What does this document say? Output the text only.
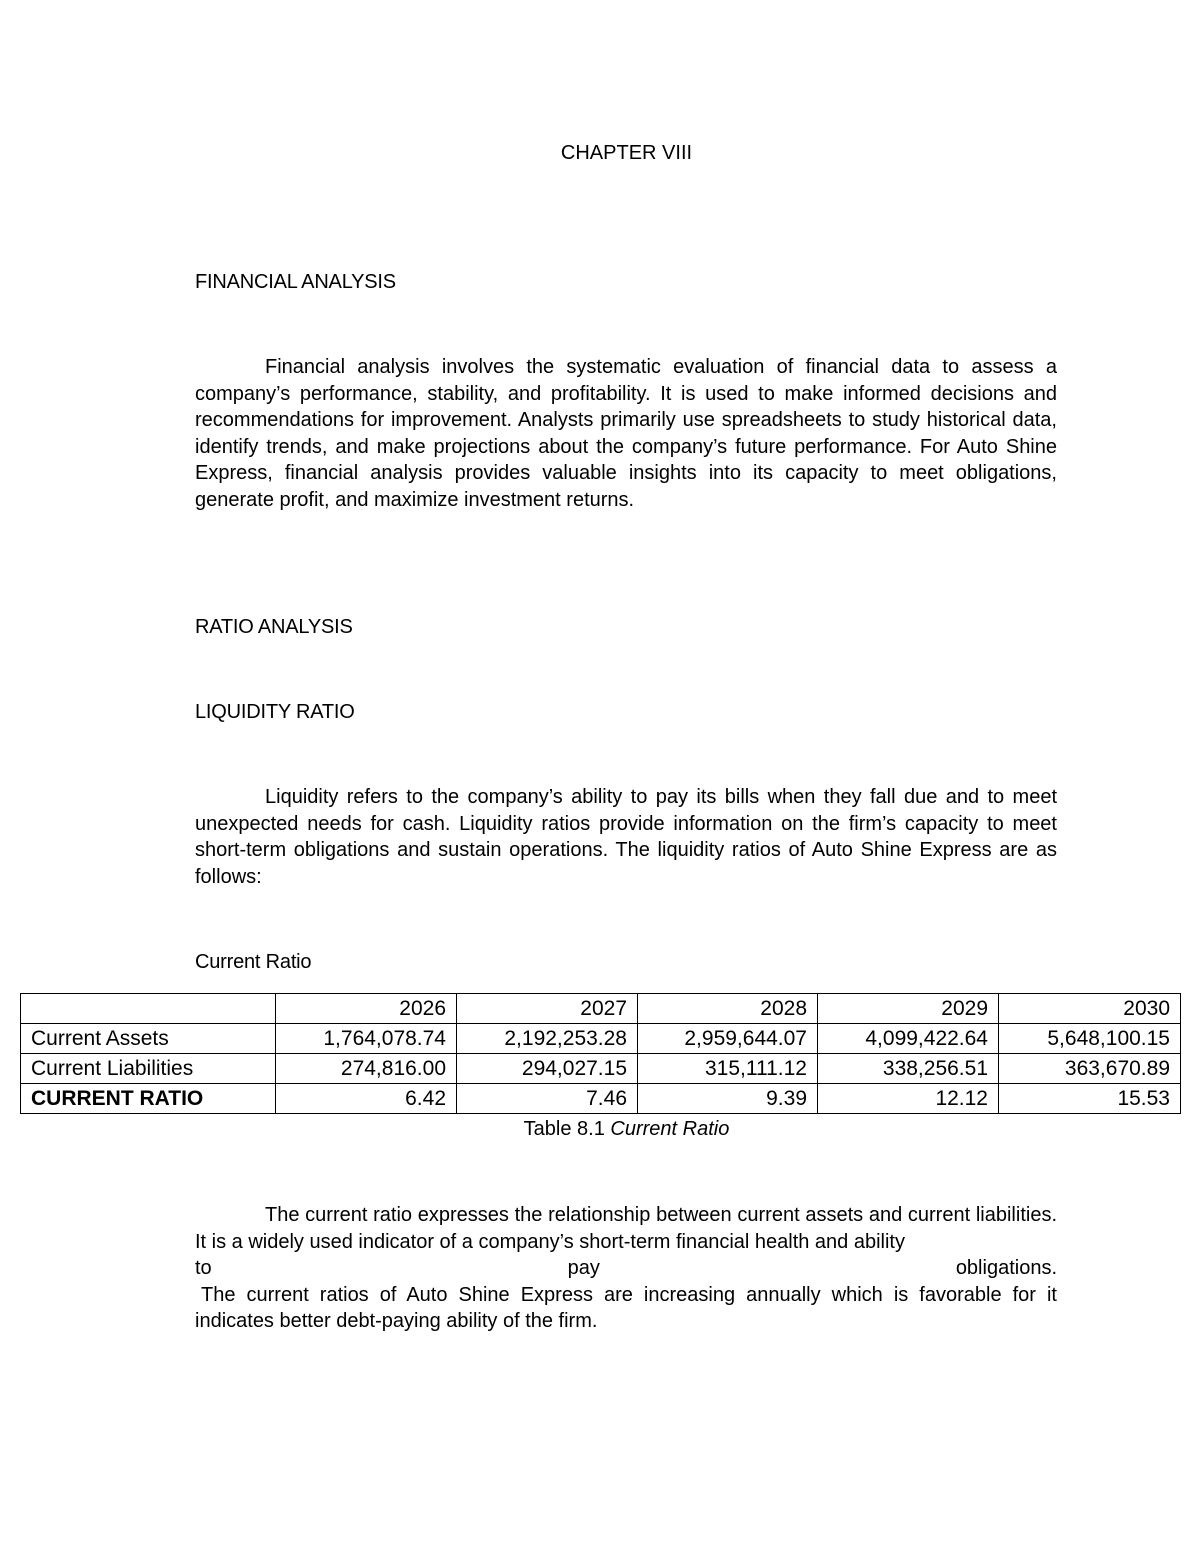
CHAPTER VIII
FINANCIAL ANALYSIS

Financial analysis involves the systematic evaluation of financial data to assess a company’s performance, stability, and profitability. It is used to make informed decisions and recommendations for improvement. Analysts primarily use spreadsheets to study historical data, identify trends, and make projections about the company’s future performance. For Auto Shine Express, financial analysis provides valuable insights into its capacity to meet obligations, generate profit, and maximize investment returns.

RATIO ANALYSIS
LIQUIDITY RATIO

Liquidity refers to the company’s ability to pay its bills when they fall due and to meet unexpected needs for cash. Liquidity ratios provide information on the firm’s capacity to meet short-term obligations and sustain operations. The liquidity ratios of Auto Shine Express are as follows:

Current Ratio
	2026	2027	2028	2029	2030
Current Assets	1,764,078.74	2,192,253.28	2,959,644.07	4,099,422.64	5,648,100.15
Current Liabilities	274,816.00	294,027.15	315,111.12	338,256.51	363,670.89
CURRENT RATIO	6.42	7.46	9.39	12.12	15.53
Table 8.1 Current Ratio

The current ratio expresses the relationship between current assets and current liabilities. It is a widely used indicator of a company’s short-term financial health and ability

to	pay	obligations.

The current ratios of Auto Shine Express are increasing annually which is favorable for it indicates better debt-paying ability of the firm.
